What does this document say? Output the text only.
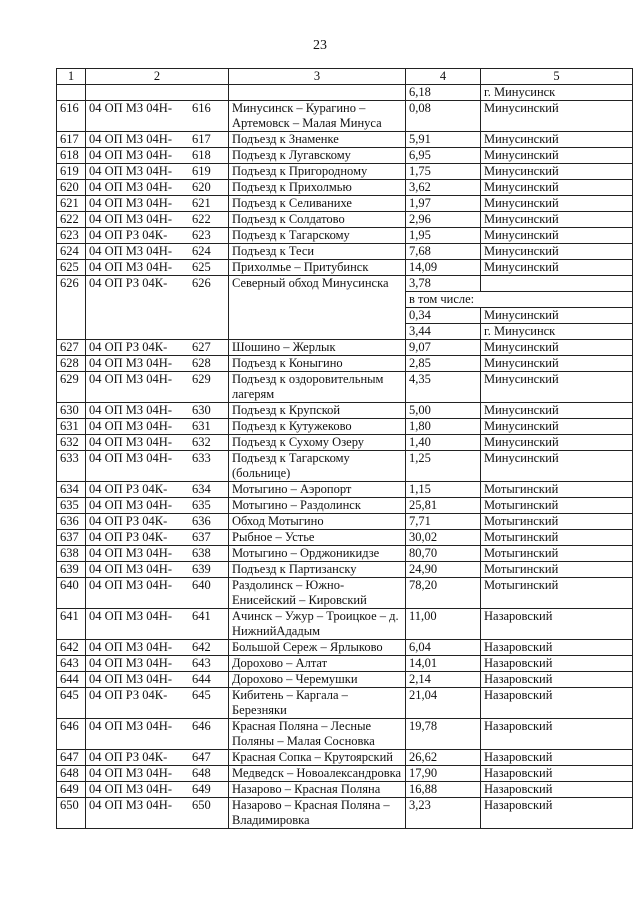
23
1	2	3	4	5
			6,18	г. Минусинск
616	04 ОП МЗ 04Н- 616	Минусинск – Курагино – Артемовск – Малая Минуса	0,08	Минусинский
617	04 ОП МЗ 04Н- 617	Подъезд к Знаменке	5,91	Минусинский
618	04 ОП МЗ 04Н- 618	Подъезд к Лугавскому	6,95	Минусинский
619	04 ОП МЗ 04Н- 619	Подъезд к Пригородному	1,75	Минусинский
620	04 ОП МЗ 04Н- 620	Подъезд к Прихолмью	3,62	Минусинский
621	04 ОП МЗ 04Н- 621	Подъезд к Селиванихе	1,97	Минусинский
622	04 ОП МЗ 04Н- 622	Подъезд к Солдатово	2,96	Минусинский
623	04 ОП РЗ 04К- 623	Подъезд к Тагарскому	1,95	Минусинский
624	04 ОП МЗ 04Н- 624	Подъезд к Теси	7,68	Минусинский
625	04 ОП МЗ 04Н- 625	Прихолмье – Притубинск	14,09	Минусинский
626	04 ОП РЗ 04К- 626	Северный обход Минусинска	3,78	
			в том числе:	
			0,34	Минусинский
			3,44	г. Минусинск
627	04 ОП РЗ 04К- 627	Шошино – Жерлык	9,07	Минусинский
628	04 ОП МЗ 04Н- 628	Подъезд к Коныгино	2,85	Минусинский
629	04 ОП МЗ 04Н- 629	Подъезд к оздоровительным лагерям	4,35	Минусинский
630	04 ОП МЗ 04Н- 630	Подъезд к Крупской	5,00	Минусинский
631	04 ОП МЗ 04Н- 631	Подъезд к Кутужеково	1,80	Минусинский
632	04 ОП МЗ 04Н- 632	Подъезд к Сухому Озеру	1,40	Минусинский
633	04 ОП МЗ 04Н- 633	Подъезд к Тагарскому (больнице)	1,25	Минусинский
634	04 ОП РЗ 04К- 634	Мотыгино – Аэропорт	1,15	Мотыгинский
635	04 ОП МЗ 04Н- 635	Мотыгино – Раздолинск	25,81	Мотыгинский
636	04 ОП РЗ 04К- 636	Обход Мотыгино	7,71	Мотыгинский
637	04 ОП РЗ 04К- 637	Рыбное – Устье	30,02	Мотыгинский
638	04 ОП МЗ 04Н- 638	Мотыгино – Орджоникидзе	80,70	Мотыгинский
639	04 ОП МЗ 04Н- 639	Подъезд к Партизанску	24,90	Мотыгинский
640	04 ОП МЗ 04Н- 640	Раздолинск – Южно-Енисейский – Кировский	78,20	Мотыгинский
641	04 ОП МЗ 04Н- 641	Ачинск – Ужур – Троицкое – д. НижнийАдадым	11,00	Назаровский
642	04 ОП МЗ 04Н- 642	Большой Сереж – Ярлыково	6,04	Назаровский
643	04 ОП МЗ 04Н- 643	Дорохово – Алтат	14,01	Назаровский
644	04 ОП МЗ 04Н- 644	Дорохово – Черемушки	2,14	Назаровский
645	04 ОП РЗ 04К- 645	Кибитень – Каргала – Березняки	21,04	Назаровский
646	04 ОП МЗ 04Н- 646	Красная Поляна – Лесные Поляны – Малая Сосновка	19,78	Назаровский
647	04 ОП РЗ 04К- 647	Красная Сопка – Крутоярский	26,62	Назаровский
648	04 ОП МЗ 04Н- 648	Медведск – Новоалександровка	17,90	Назаровский
649	04 ОП МЗ 04Н- 649	Назарово – Красная Поляна	16,88	Назаровский
650	04 ОП МЗ 04Н- 650	Назарово – Красная Поляна – Владимировка	3,23	Назаровский
